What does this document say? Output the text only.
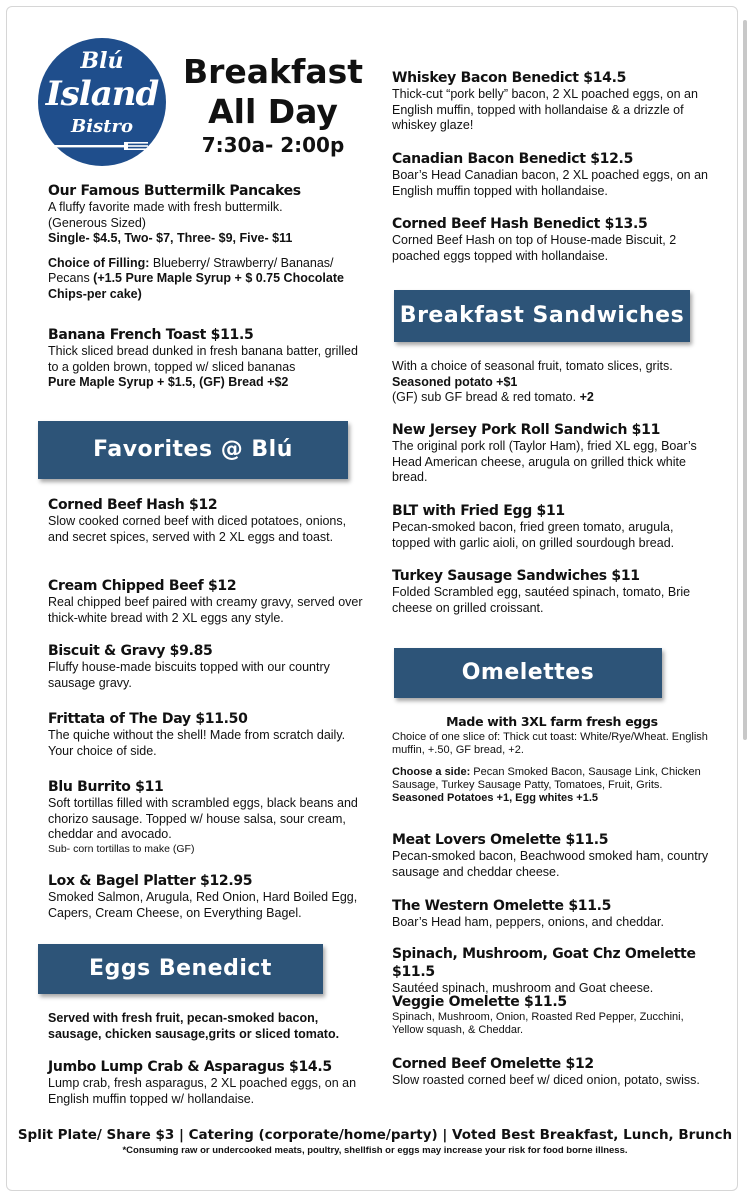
Blú
Island
Bistro
Breakfast
All Day
7:30a- 2:00p

Our Famous Buttermilk Pancakes

A fluffy favorite made with fresh buttermilk.

(Generous Sized)

Single- $4.5, Two- $7, Three- $9, Five- $11

Choice of Filling: Blueberry/ Strawberry/ Bananas/ Pecans (+1.5 Pure Maple Syrup + $ 0.75 Chocolate Chips-per cake)

Banana French Toast $11.5

Thick sliced bread dunked in fresh banana batter, grilled to a golden brown, topped w/ sliced bananas

Pure Maple Syrup + $1.5, (GF) Bread +$2

Favorites @ Blú

Corned Beef Hash $12

Slow cooked corned beef with diced potatoes, onions, and secret spices, served with 2 XL eggs and toast.

Cream Chipped Beef $12

Real chipped beef paired with creamy gravy, served over thick-white bread with 2 XL eggs any style.

Biscuit & Gravy $9.85

Fluffy house-made biscuits topped with our country sausage gravy.

Frittata of The Day $11.50

The quiche without the shell! Made from scratch daily. Your choice of side.

Blu Burrito $11

Soft tortillas filled with scrambled eggs, black beans and chorizo sausage. Topped w/ house salsa, sour cream, cheddar and avocado.

Sub- corn tortillas to make (GF)

Lox & Bagel Platter $12.95

Smoked Salmon, Arugula, Red Onion, Hard Boiled Egg, Capers, Cream Cheese, on Everything Bagel.

Eggs Benedict

Served with fresh fruit, pecan-smoked bacon, sausage, chicken sausage,grits or sliced tomato.

Jumbo Lump Crab & Asparagus $14.5

Lump crab, fresh asparagus, 2 XL poached eggs, on an English muffin topped w/ hollandaise.

Whiskey Bacon Benedict $14.5

Thick-cut “pork belly” bacon, 2 XL poached eggs, on an English muffin, topped with hollandaise & a drizzle of whiskey glaze!

Canadian Bacon Benedict $12.5

Boar’s Head Canadian bacon, 2 XL poached eggs, on an English muffin topped with hollandaise.

Corned Beef Hash Benedict $13.5

Corned Beef Hash on top of House-made Biscuit, 2 poached eggs topped with hollandaise.

Breakfast Sandwiches

With a choice of seasonal fruit, tomato slices, grits.

Seasoned potato +$1

(GF) sub GF bread & red tomato. +2

New Jersey Pork Roll Sandwich $11

The original pork roll (Taylor Ham), fried XL egg, Boar’s Head American cheese, arugula on grilled thick white bread.

BLT with Fried Egg $11

Pecan-smoked bacon, fried green tomato, arugula, topped with garlic aioli, on grilled sourdough bread.

Turkey Sausage Sandwiches $11

Folded Scrambled egg, sautéed spinach, tomato, Brie cheese on grilled croissant.

Omelettes

Made with 3XL farm fresh eggs

Choice of one slice of: Thick cut toast: White/Rye/Wheat. English muffin, +.50, GF bread, +2.

Choose a side: Pecan Smoked Bacon, Sausage Link, Chicken Sausage, Turkey Sausage Patty, Tomatoes, Fruit, Grits. Seasoned Potatoes +1, Egg whites +1.5

Meat Lovers Omelette $11.5

Pecan-smoked bacon, Beachwood smoked ham, country sausage and cheddar cheese.

The Western Omelette $11.5

Boar’s Head ham, peppers, onions, and cheddar.

Spinach, Mushroom, Goat Chz Omelette $11.5

Sautéed spinach, mushroom and Goat cheese.

Veggie Omelette $11.5

Spinach, Mushroom, Onion, Roasted Red Pepper, Zucchini, Yellow squash, & Cheddar.

Corned Beef Omelette $12

Slow roasted corned beef w/ diced onion, potato, swiss.

Split Plate/ Share $3 | Catering (corporate/home/party) | Voted Best Breakfast, Lunch, Brunch
*Consuming raw or undercooked meats, poultry, shellfish or eggs may increase your risk for food borne illness.
